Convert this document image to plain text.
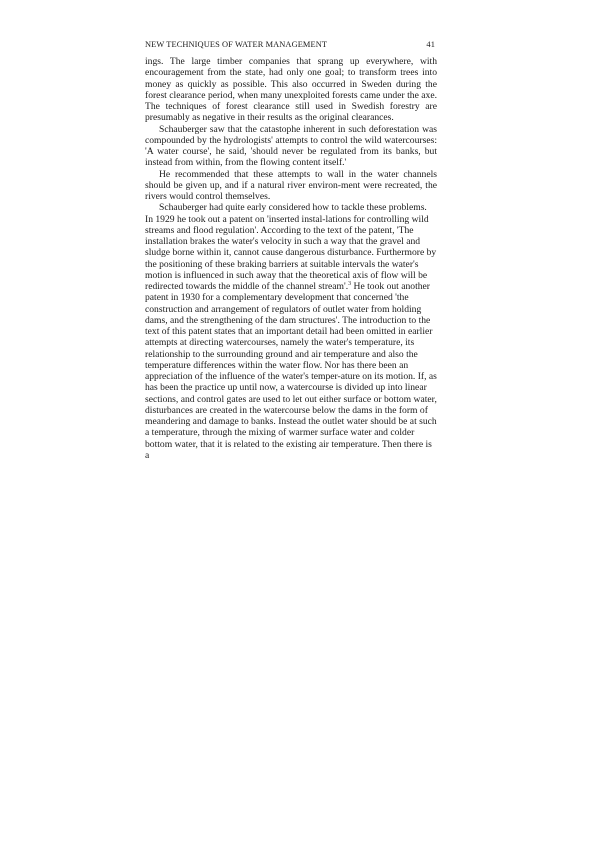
NEW TECHNIQUES OF WATER MANAGEMENT	41

ings. The large timber companies that sprang up everywhere, with encouragement from the state, had only one goal; to transform trees into money as quickly as possible. This also occurred in Sweden during the forest clearance period, when many unexploited forests came under the axe. The techniques of forest clearance still used in Swedish forestry are presumably as negative in their results as the original clearances.

Schauberger saw that the catastophe inherent in such deforestation was compounded by the hydrologists' attempts to control the wild watercourses: 'A water course', he said, 'should never be regulated from its banks, but instead from within, from the flowing content itself.'

He recommended that these attempts to wall in the water channels should be given up, and if a natural river environ-ment were recreated, the rivers would control themselves.

Schauberger had quite early considered how to tackle these problems. In 1929 he took out a patent on 'inserted instal-lations for controlling wild streams and flood regulation'. According to the text of the patent, 'The installation brakes the water's velocity in such a way that the gravel and sludge borne within it, cannot cause dangerous disturbance. Furthermore by the positioning of these braking barriers at suitable intervals the water's motion is influenced in such away that the theoretical axis of flow will be redirected towards the middle of the channel stream'.$^3$ He took out another patent in 1930 for a complementary development that concerned 'the construction and arrangement of regulators of outlet water from holding dams, and the strengthening of the dam structures'. The introduction to the text of this patent states that an important detail had been omitted in earlier attempts at directing watercourses, namely the water's temperature, its relationship to the surrounding ground and air temperature and also the temperature differences within the water flow. Nor has there been an appreciation of the influence of the water's temper-ature on its motion. If, as has been the practice up until now, a watercourse is divided up into linear sections, and control gates are used to let out either surface or bottom water, disturbances are created in the watercourse below the dams in the form of meandering and damage to banks. Instead the outlet water should be at such a temperature, through the mixing of warmer surface water and colder bottom water, that it is related to the existing air temperature. Then there is a
